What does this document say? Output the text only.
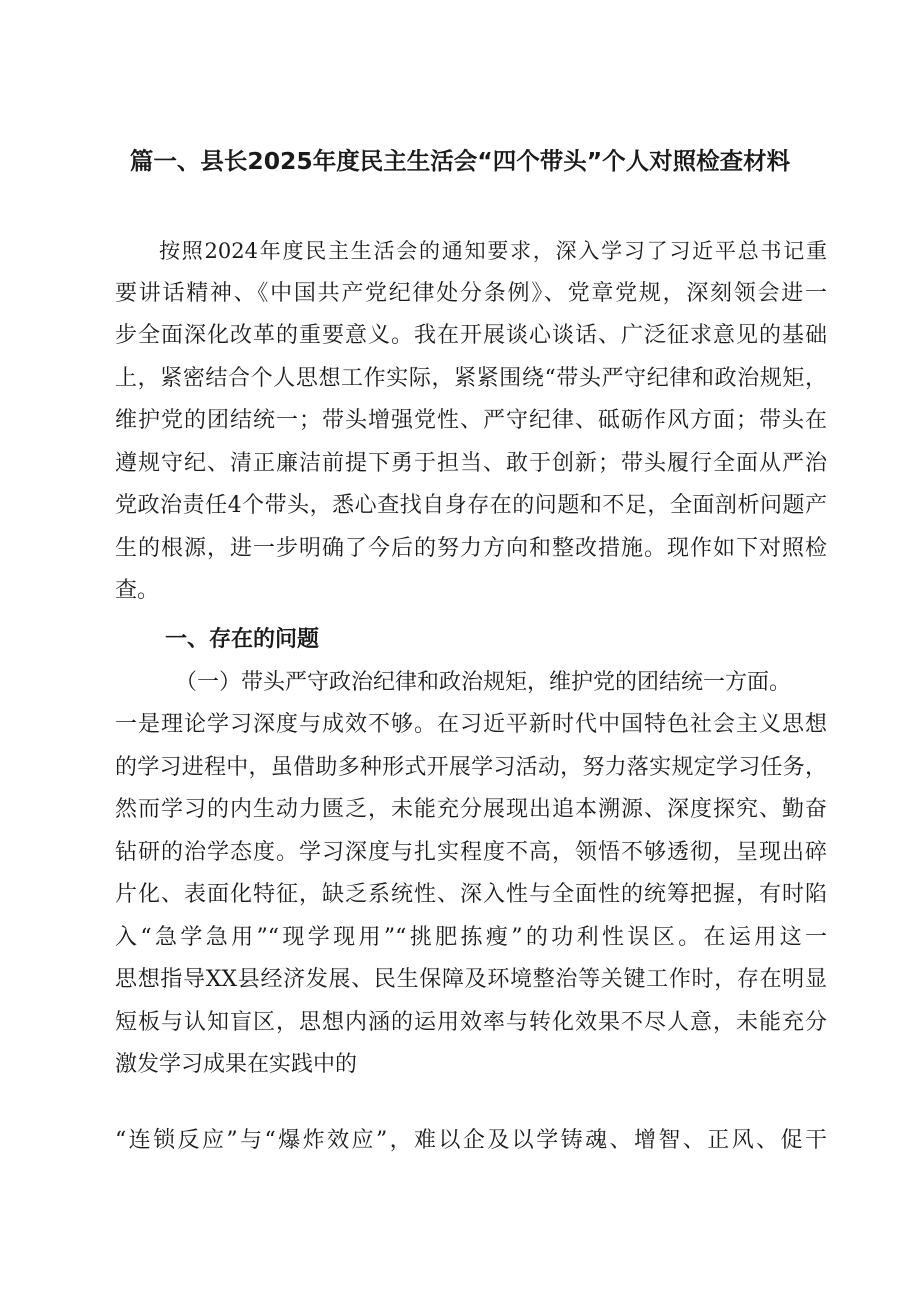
篇一、县长2025年度民主生活会“四个带头”个人对照检查材料
按照2024年度民主生活会的通知要求，深入学习了习近平总书记重
要讲话精神、《中国共产党纪律处分条例》、党章党规，深刻领会进一
步全面深化改革的重要意义。我在开展谈心谈话、广泛征求意见的基础
上，紧密结合个人思想工作实际，紧紧围绕“带头严守纪律和政治规矩，
维护党的团结统一；带头增强党性、严守纪律、砥砺作风方面；带头在
遵规守纪、清正廉洁前提下勇于担当、敢于创新；带头履行全面从严治
党政治责任4个带头，悉心查找自身存在的问题和不足，全面剖析问题产
生的根源，进一步明确了今后的努力方向和整改措施。现作如下对照检
查。

一、存在的问题

（一）带头严守政治纪律和政治规矩，维护党的团结统一方面。

一是理论学习深度与成效不够。在习近平新时代中国特色社会主义思想
的学习进程中，虽借助多种形式开展学习活动，努力落实规定学习任务，
然而学习的内生动力匮乏，未能充分展现出追本溯源、深度探究、勤奋
钻研的治学态度。学习深度与扎实程度不高，领悟不够透彻，呈现出碎
片化、表面化特征，缺乏系统性、深入性与全面性的统筹把握，有时陷
入“急学急用”“现学现用”“挑肥拣瘦”的功利性误区。在运用这一
思想指导XX县经济发展、民生保障及环境整治等关键工作时，存在明显
短板与认知盲区，思想内涵的运用效率与转化效果不尽人意，未能充分
激发学习成果在实践中的
“连锁反应”与“爆炸效应”，难以企及以学铸魂、增智、正风、促干
